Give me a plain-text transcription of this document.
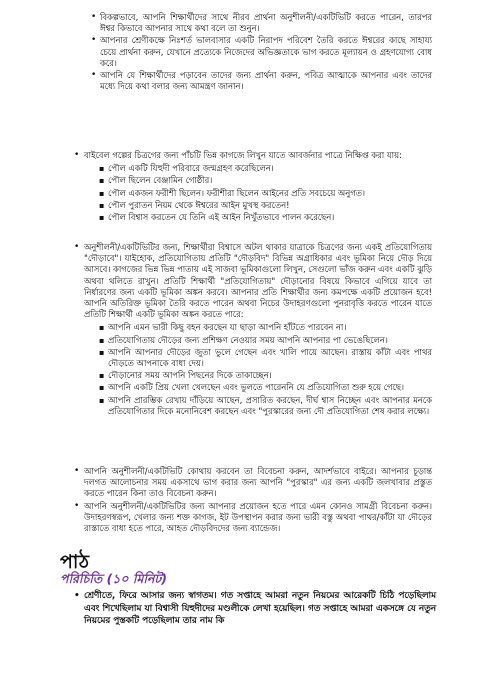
• বিকল্পভাবে, আপনি শিক্ষার্থীদের সাথে নীরব প্রার্থনা অনুশীলনী/একটিভিটি করতে পারেন, তারপর ঈশ্বর কিভাবে আপনার সাথে কথা বলে তা শুনুন।
• আপনার শ্রেণীকক্ষে নিঃশর্ত ভালবাসার একটি নিরাপদ পরিবেশ তৈরি করতে ঈশ্বরের কাছে সাহায্য চেয়ে প্রার্থনা করুন, যেখানে প্রত্যেকে নিজেদের অভিজ্ঞতাকে ভাগ করতে মূল্যায়ন ও গ্রহণযোগ্য বোধ করে।
• আপনি যে শিক্ষার্থীদের পড়াবেন তাদের জন্য প্রার্থনা করুন, পবিত্র আত্মাকে আপনার এবং তাদের মধ্যে দিয়ে কথা বলার জন্য আমন্ত্রণ জানান।
• বাইবেল গল্পের চিত্রগের জন্য পাঁচটি ভিন্ন কাগজে লিখুন যাতে আবর্জনার পাত্রে নিক্ষিপ্ত করা যায়:
▪ পৌল একটি যিহুদী পরিবারে জন্মগ্রহণ করেছিলেন।
▪ পৌল ছিলেন বেঞ্জামিন গোষ্ঠীর।
▪ পৌল একজন ফরীশী ছিলেন। ফরীশীরা ছিলেন আইনের প্রতি সবচেয়ে অনুগত।
▪ পৌল পুরাতন নিয়ম থেকে ঈশ্বরের আইন মুখস্থ করতেন!
▪ পৌল বিশ্বাস করতেন যে তিনি এই আইন নিখুঁতভাবে পালন করেছেন।
• অনুশীলনী/একটিভিটির জন্য, শিক্ষার্থীরা বিশ্বাসে অটল থাকার যাত্রাকে চিত্রণের জন্য একই প্রতিযোগিতায় "দৌড়াবে"। যাইহোক, প্রতিযোগিতায় প্রতিটি "দৌড়বিদ" বিভিন্ন অগ্রাধিকার এবং ভূমিকা নিয়ে দৌড় দিয়ে আসবে। কাগজের ভিন্ন ভিন্ন পাতায় এই সাজবা ভূমিকাগুলো লিখুন, সেগুলো ভাঁজ করুন এবং একটি ঝুড়ি অথবা থলিতে রাখুন। প্রতিটি শিক্ষার্থী "প্রতিযোগিতায়" দৌড়ানোর বিষয়ে কিভাবে এগিয়ে যাবে তা নির্ধারণের জন্য একটি ভূমিকা অঙ্কন করবে। আপনার প্রতি শিক্ষার্থীর জন্য কমপক্ষে একটি প্রয়োজন হবে! আপনি অতিরিক্ত ভূমিকা তৈরি করতে পারেন অথবা নিচের উদাহরণগুলো পুনরাবৃত্তি করতে পারেন যাতে প্রতিটি শিক্ষার্থী একটি ভূমিকা অঙ্কন করতে পারে:
▪ আপনি এমন ভারী কিছু বহন করছেন যা ছাড়া আপনি হাঁটতে পারবেন না।
▪ প্রতিযোগিতায় দৌড়ের জন্য প্রশিক্ষণ নেওয়ার সময় আপনি আপনার পা ভেঙেছিলেন।
▪ আপনি আপনার দৌড়ের জুতা ভুলে গেছেন এবং খালি পায়ে আছেন। রাস্তায় কাঁটা এবং পাথর দৌড়তে আপনাকে বাধা দেয়।
▪ দৌড়ানোর সময় আপনি পিছনের দিকে তাকাচ্ছেন।
▪ আপনি একটি প্রিয় খেলা খেলছেন এবং ভুলতে পারেননি যে প্রতিযোগিতা শুরু হয়ে গেছে।
▪ আপনি প্রারম্ভিক রেখায় দাঁড়িয়ে আছেন, প্রসারিত করছেন, দীর্ঘ শ্বাস নিচ্ছেন এবং আপনার মনকে প্রতিযোগিতার দিকে মনোনিবেশ করছেন এবং "পুরস্কারের জন্য দৌ প্রতিযোগিতা শেষ করার লক্ষ্যে।
• আপনি অনুশীলনী/একটিভিটি কোথায় করবেন তা বিবেচনা করুন, আদর্শভাবে বাইরে। আপনার চূড়ান্ত দলগত আলোচনার সময় একসাথে ভাগ করার জন্য আপনি "পুরস্কার" এর জন্য একটি জলখাবার প্রস্তুত করতে পারেন কিনা তাও বিবেচনা করুন।
• আপনি অনুশীলনী/একটিভিটির জন্য আপনার প্রয়োজন হতে পারে এমন কোনও সামগ্রী বিবেচনা করুন। উদাহরণস্বরূপ, খেলার জন্য শক্ত কাগজ, ইট উপস্থাপন করার জন্য ভারী বস্তু অথবা পাথর/কাঁটা যা দৌড়ের রাস্তাতে বাধা হতে পারে, আহত দৌড়বিদদের জন্য ব্যান্ডেজ।
পাঠ
পরিচিতি (১০ মিনিট)
• শ্রেণীতে, ফিরে আসার জন্য স্বাগতম। গত সপ্তাহে আমরা নতুন নিয়মের আরেকটি চিঠি পড়েছিলাম এবং শিখেছিলাম যা বিশ্বাসী যিহুদীদের মণ্ডলীকে লেখা হয়েছিল। গত সপ্তাহে আমরা একসঙ্গে যে নতুন নিয়মের পুস্তকটি পড়েছিলাম তার নাম কি
